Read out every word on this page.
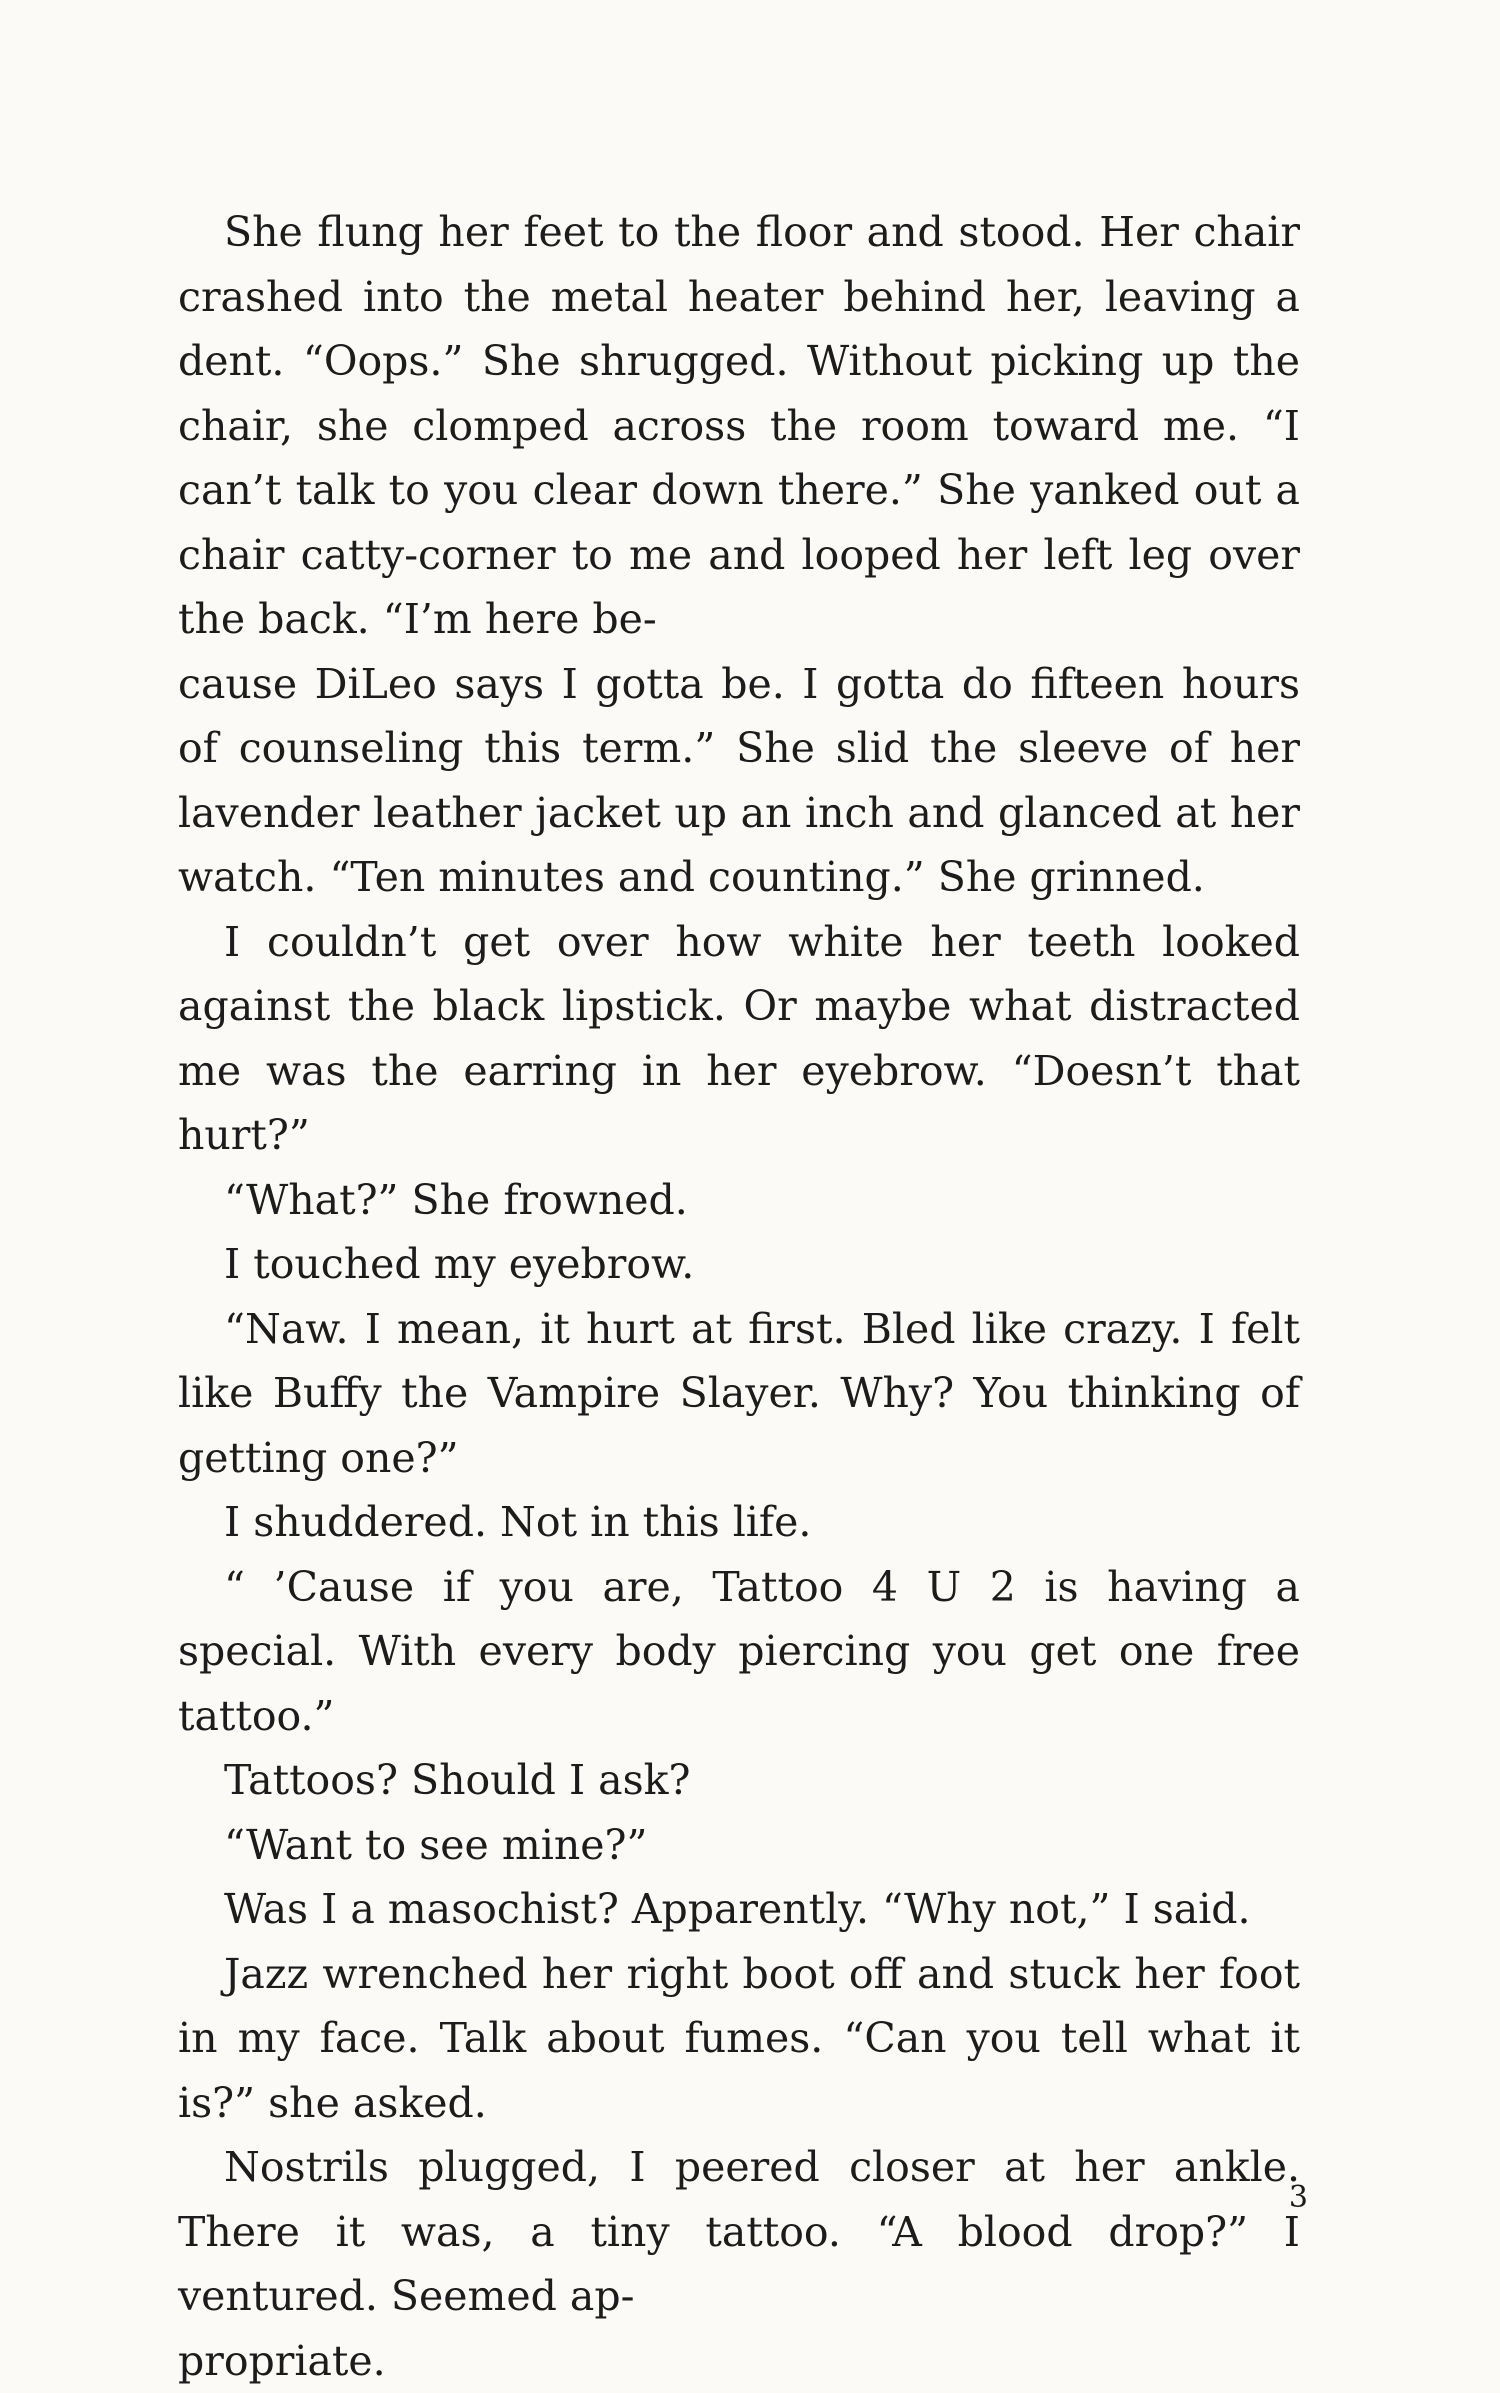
She flung her feet to the floor and stood. Her chair crashed into the metal heater behind her, leaving a dent. “Oops.” She shrugged. Without picking up the chair, she clomped across the room toward me. “I can’t talk to you clear down there.” She yanked out a chair catty-corner to me and looped her left leg over the back. “I’m here be-
cause DiLeo says I gotta be. I gotta do fifteen hours of counseling this term.” She slid the sleeve of her lavender leather jacket up an inch and glanced at her watch. “Ten minutes and counting.” She grinned.

I couldn’t get over how white her teeth looked against the black lipstick. Or maybe what distracted me was the earring in her eyebrow. “Doesn’t that hurt?”

“What?” She frowned.

I touched my eyebrow.

“Naw. I mean, it hurt at first. Bled like crazy. I felt like Buffy the Vampire Slayer. Why? You thinking of getting one?”

I shuddered. Not in this life.

“ ’Cause if you are, Tattoo 4 U 2 is having a special. With every body piercing you get one free tattoo.”

Tattoos? Should I ask?

“Want to see mine?”

Was I a masochist? Apparently. “Why not,” I said.

Jazz wrenched her right boot off and stuck her foot in my face. Talk about fumes. “Can you tell what it is?” she asked.

Nostrils plugged, I peered closer at her ankle. There it was, a tiny tattoo. “A blood drop?” I ventured. Seemed ap-
propriate.

3
